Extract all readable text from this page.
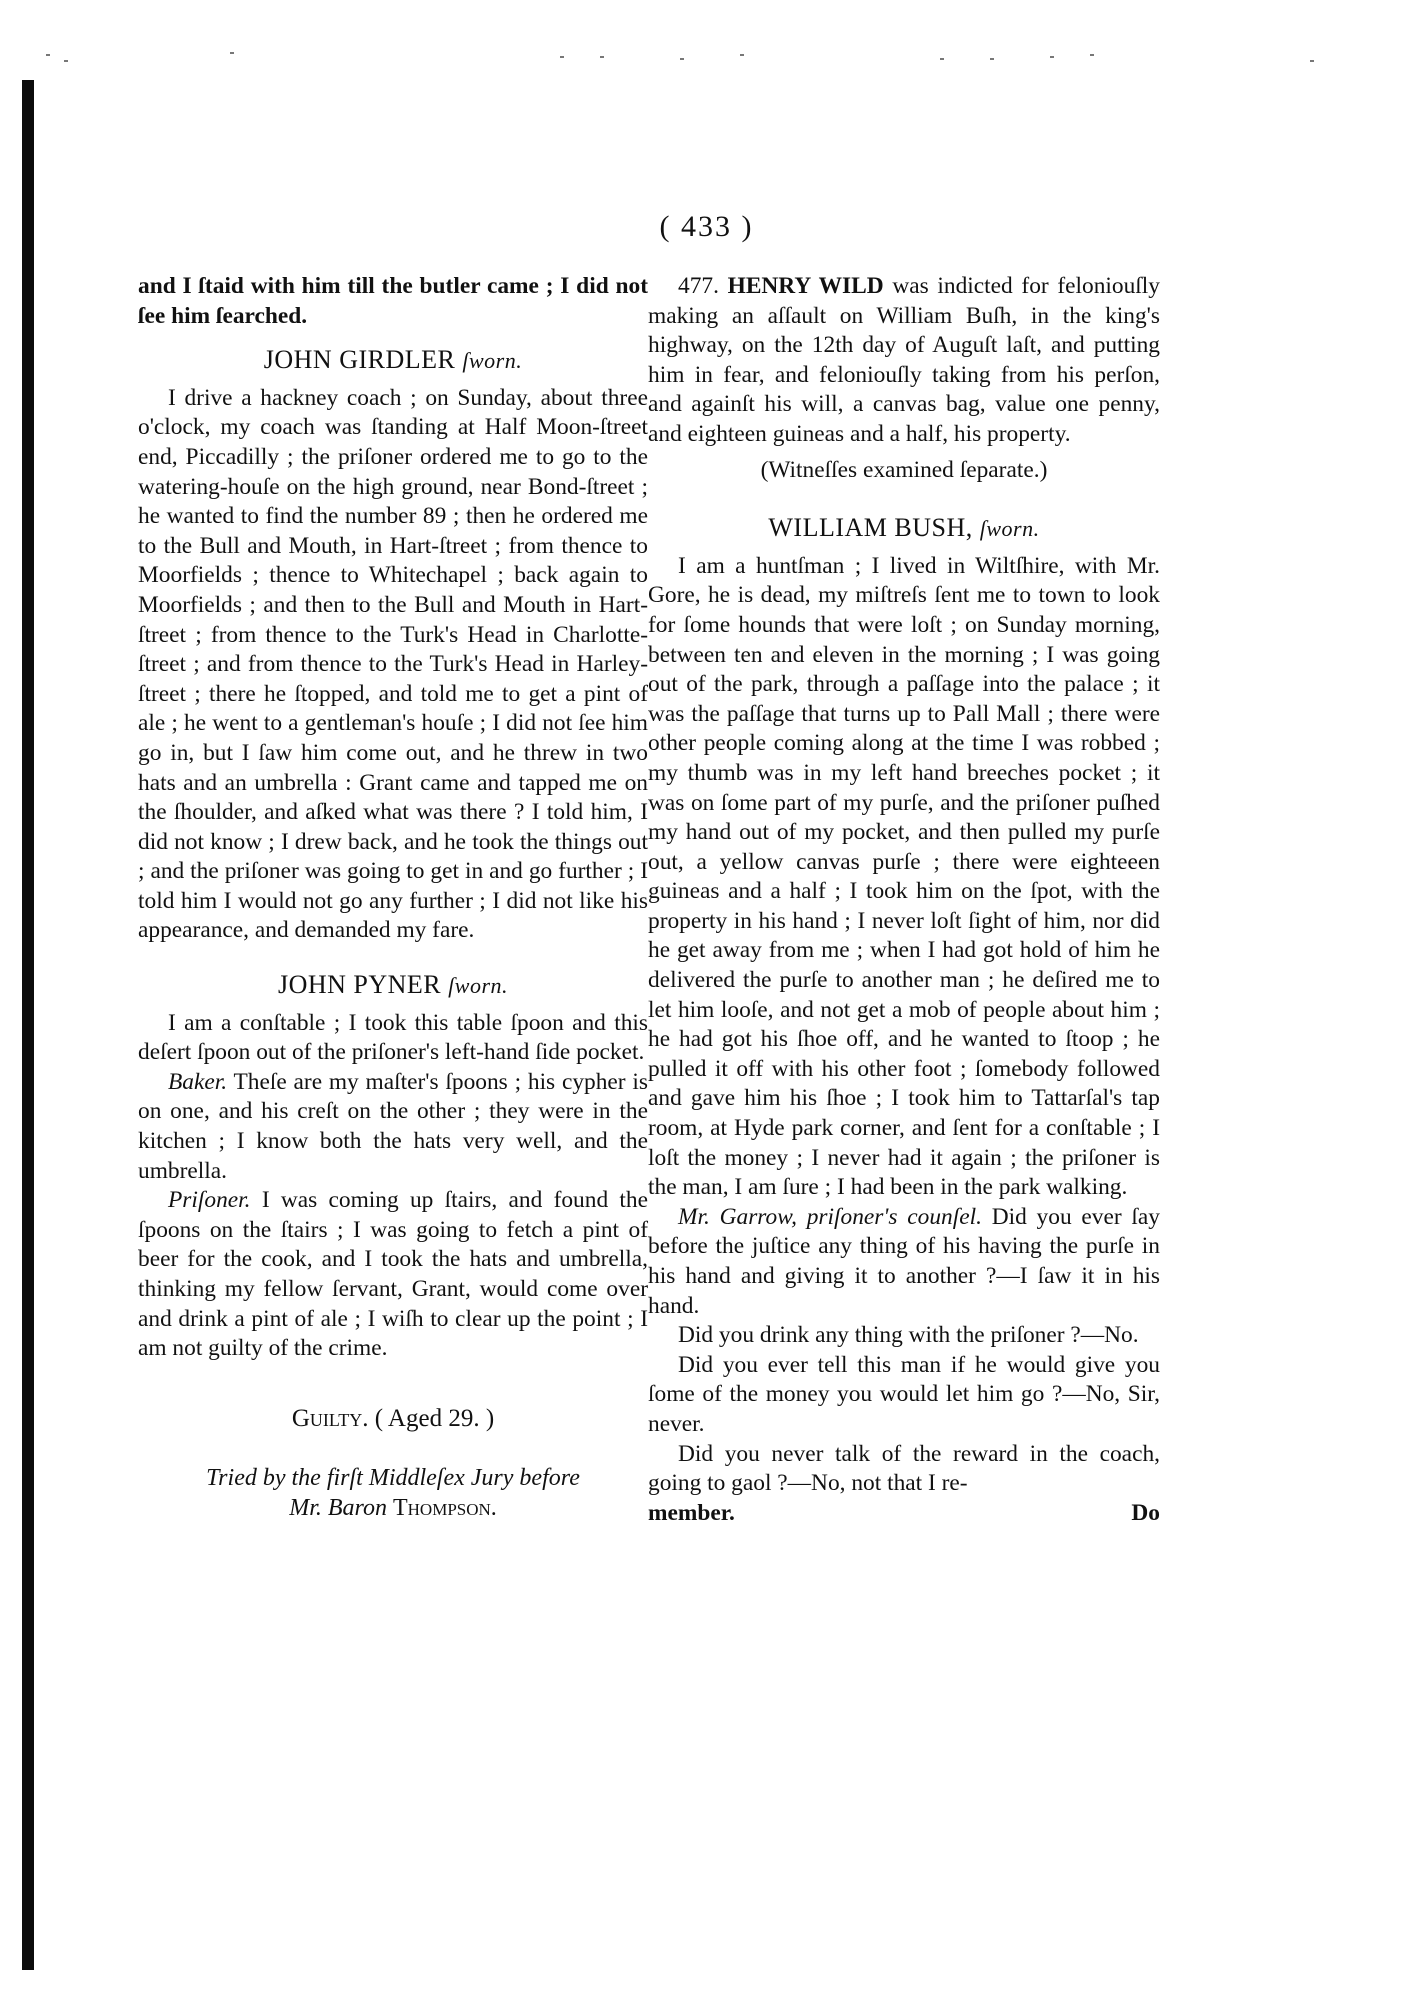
( 433 )

and I ſtaid with him till the butler came ; I did not ſee him ſearched.

JOHN GIRDLER ſworn.

I drive a hackney coach ; on Sunday, about three o'clock, my coach was ſtanding at Half Moon-ſtreet end, Piccadilly ; the priſoner ordered me to go to the watering-houſe on the high ground, near Bond-ſtreet ; he wanted to find the number 89 ; then he ordered me to the Bull and Mouth, in Hart-ſtreet ; from thence to Moorfields ; thence to Whitechapel ; back again to Moorfields ; and then to the Bull and Mouth in Hart-ſtreet ; from thence to the Turk's Head in Charlotte-ſtreet ; and from thence to the Turk's Head in Harley-ſtreet ; there he ſtopped, and told me to get a pint of ale ; he went to a gentleman's houſe ; I did not ſee him go in, but I ſaw him come out, and he threw in two hats and an umbrella : Grant came and tapped me on the ſhoulder, and aſked what was there ? I told him, I did not know ; I drew back, and he took the things out ; and the priſoner was going to get in and go further ; I told him I would not go any further ; I did not like his appearance, and demanded my fare.

JOHN PYNER ſworn.

I am a conſtable ; I took this table ſpoon and this deſert ſpoon out of the priſoner's left-hand ſide pocket.

Baker. Theſe are my maſter's ſpoons ; his cypher is on one, and his creſt on the other ; they were in the kitchen ; I know both the hats very well, and the umbrella.

Priſoner. I was coming up ſtairs, and found the ſpoons on the ſtairs ; I was going to fetch a pint of beer for the cook, and I took the hats and umbrella, thinking my fellow ſervant, Grant, would come over and drink a pint of ale ; I wiſh to clear up the point ; I am not guilty of the crime.

Guilty. ( Aged 29. )
Tried by the firſt Middleſex Jury before
Mr. Baron Thompson.

477. HENRY WILD was indicted for feloniouſly making an aſſault on William Buſh, in the king's highway, on the 12th day of Auguſt laſt, and putting him in fear, and feloniouſly taking from his perſon, and againſt his will, a canvas bag, value one penny, and eighteen guineas and a half, his property.

(Witneſſes examined ſeparate.)
WILLIAM BUSH, ſworn.

I am a huntſman ; I lived in Wiltſhire, with Mr. Gore, he is dead, my miſtreſs ſent me to town to look for ſome hounds that were loſt ; on Sunday morning, between ten and eleven in the morning ; I was going out of the park, through a paſſage into the palace ; it was the paſſage that turns up to Pall Mall ; there were other people coming along at the time I was robbed ; my thumb was in my left hand breeches pocket ; it was on ſome part of my purſe, and the priſoner puſhed my hand out of my pocket, and then pulled my purſe out, a yellow canvas purſe ; there were eighteeen guineas and a half ; I took him on the ſpot, with the property in his hand ; I never loſt ſight of him, nor did he get away from me ; when I had got hold of him he delivered the purſe to another man ; he deſired me to let him looſe, and not get a mob of people about him ; he had got his ſhoe off, and he wanted to ſtoop ; he pulled it off with his other foot ; ſomebody followed and gave him his ſhoe ; I took him to Tattarſal's tap room, at Hyde park corner, and ſent for a conſtable ; I loſt the money ; I never had it again ; the priſoner is the man, I am ſure ; I had been in the park walking.

Mr. Garrow, priſoner's counſel. Did you ever ſay before the juſtice any thing of his having the purſe in his hand and giving it to another ?—I ſaw it in his hand.

Did you drink any thing with the priſoner ?—No.

Did you ever tell this man if he would give you ſome of the money you would let him go ?—No, Sir, never.

Did you never talk of the reward in the coach, going to gaol ?—No, not that I re-

member.	Do
